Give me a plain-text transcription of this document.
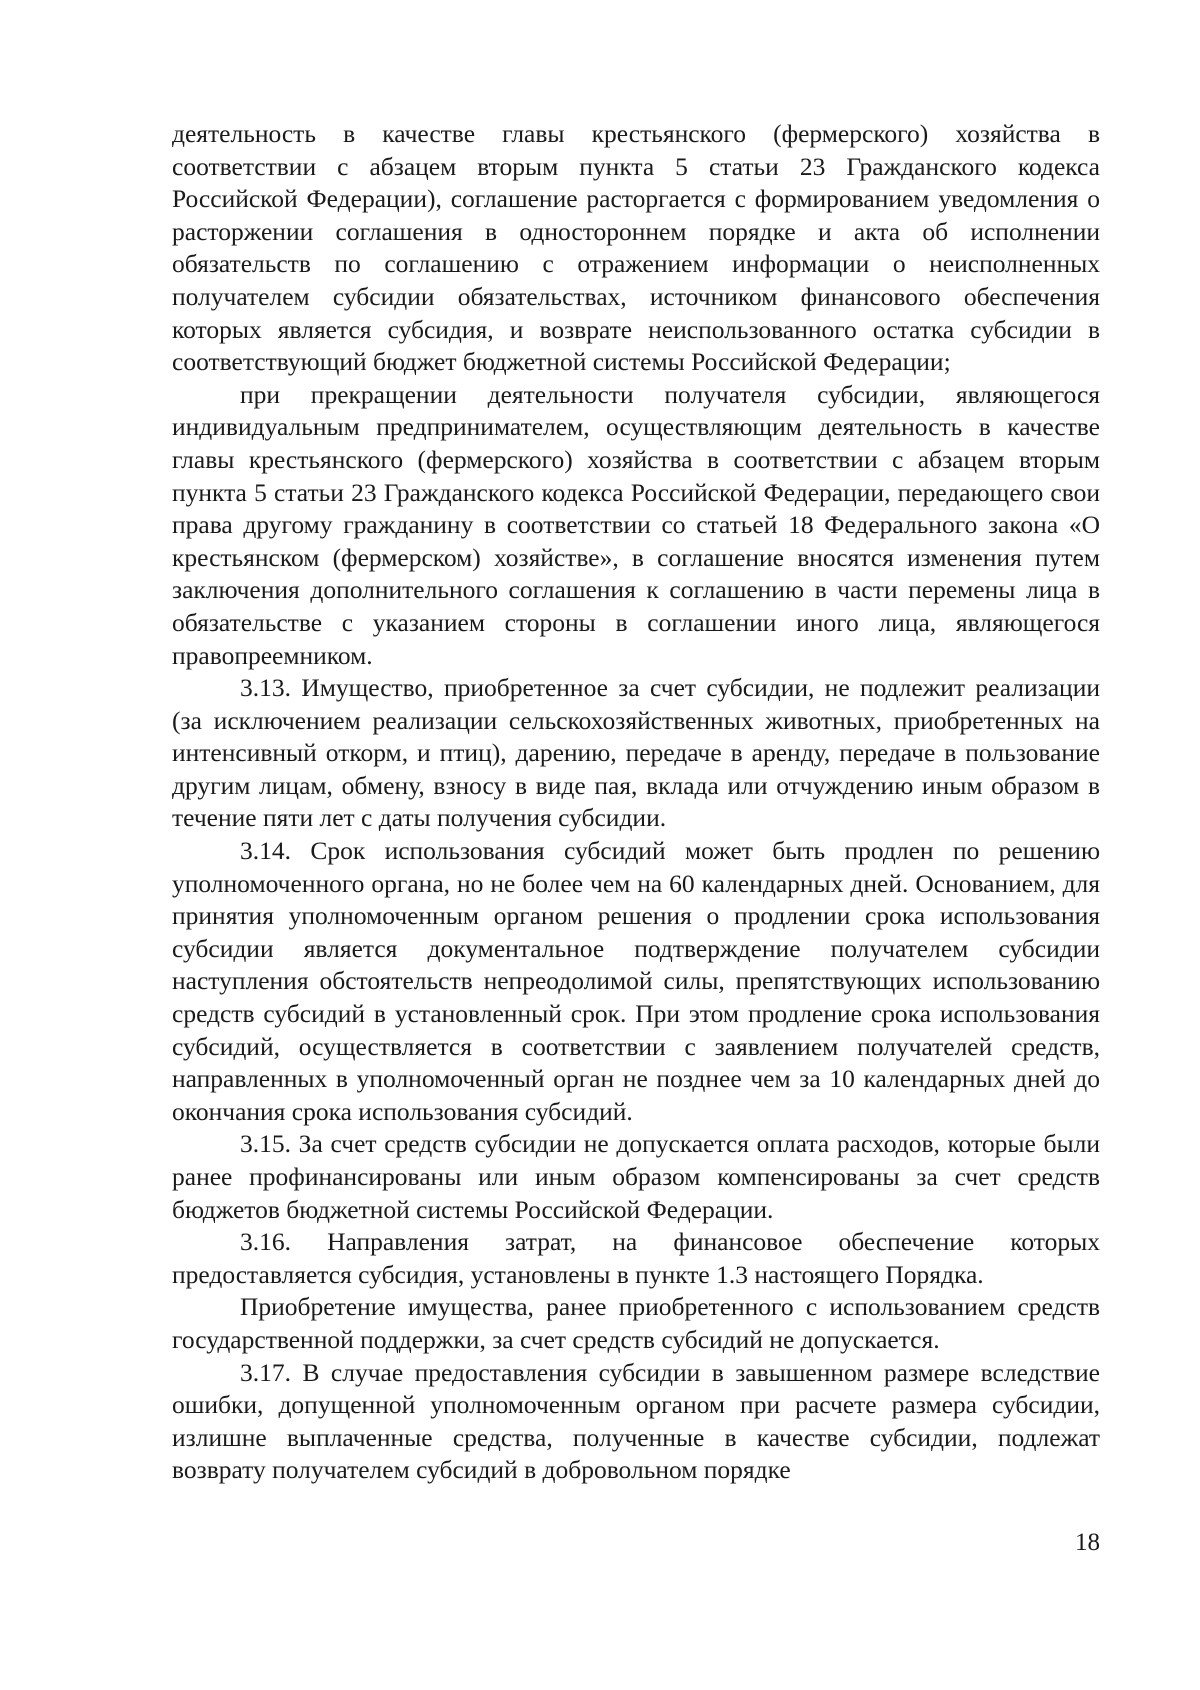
деятельность в качестве главы крестьянского (фермерского) хозяйства в соответствии с абзацем вторым пункта 5 статьи 23 Гражданского кодекса Российской Федерации), соглашение расторгается с формированием уведомления о расторжении соглашения в одностороннем порядке и акта об исполнении обязательств по соглашению с отражением информации о неисполненных получателем субсидии обязательствах, источником финансового обеспечения которых является субсидия, и возврате неиспользованного остатка субсидии в соответствующий бюджет бюджетной системы Российской Федерации;

при прекращении деятельности получателя субсидии, являющегося индивидуальным предпринимателем, осуществляющим деятельность в качестве главы крестьянского (фермерского) хозяйства в соответствии с абзацем вторым пункта 5 статьи 23 Гражданского кодекса Российской Федерации, передающего свои права другому гражданину в соответствии со статьей 18 Федерального закона «О крестьянском (фермерском) хозяйстве», в соглашение вносятся изменения путем заключения дополнительного соглашения к соглашению в части перемены лица в обязательстве с указанием стороны в соглашении иного лица, являющегося правопреемником.

3.13. Имущество, приобретенное за счет субсидии, не подлежит реализации (за исключением реализации сельскохозяйственных животных, приобретенных на интенсивный откорм, и птиц), дарению, передаче в аренду, передаче в пользование другим лицам, обмену, взносу в виде пая, вклада или отчуждению иным образом в течение пяти лет с даты получения субсидии.

3.14. Срок использования субсидий может быть продлен по решению уполномоченного органа, но не более чем на 60 календарных дней. Основанием, для принятия уполномоченным органом решения о продлении срока использования субсидии является документальное подтверждение получателем субсидии наступления обстоятельств непреодолимой силы, препятствующих использованию средств субсидий в установленный срок. При этом продление срока использования субсидий, осуществляется в соответствии с заявлением получателей средств, направленных в уполномоченный орган не позднее чем за 10 календарных дней до окончания срока использования субсидий.

3.15. За счет средств субсидии не допускается оплата расходов, которые были ранее профинансированы или иным образом компенсированы за счет средств бюджетов бюджетной системы Российской Федерации.

3.16. Направления затрат, на финансовое обеспечение которых предоставляется субсидия, установлены в пункте 1.3 настоящего Порядка.

Приобретение имущества, ранее приобретенного с использованием средств государственной поддержки, за счет средств субсидий не допускается.

3.17. В случае предоставления субсидии в завышенном размере вследствие ошибки, допущенной уполномоченным органом при расчете размера субсидии, излишне выплаченные средства, полученные в качестве субсидии, подлежат возврату получателем субсидий в добровольном порядке

18
